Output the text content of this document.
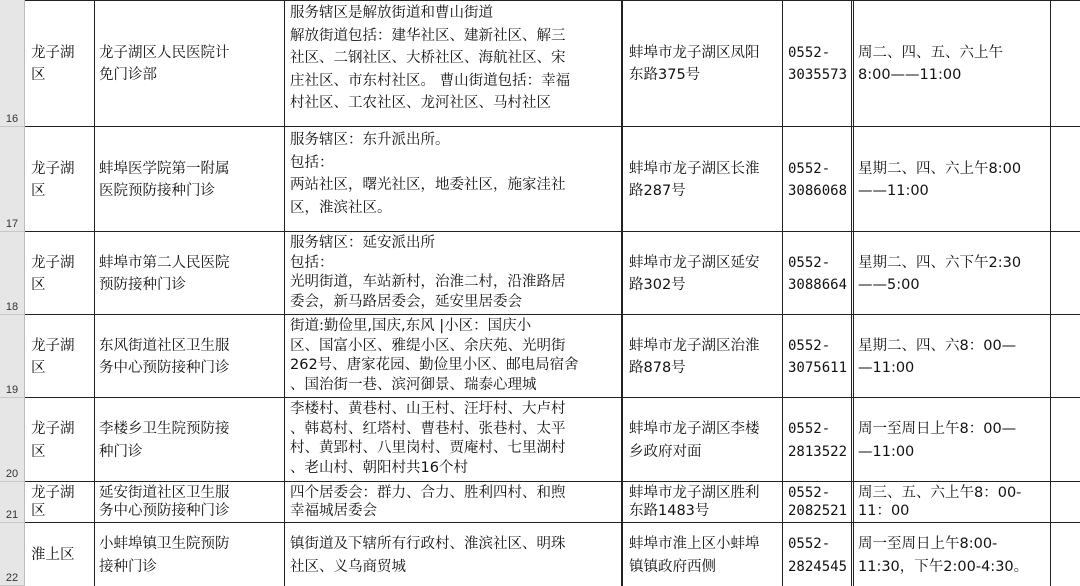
16
龙子湖
区
龙子湖区人民医院计
免门诊部
服务辖区是解放街道和曹山街道
解放街道包括：建华社区、建新社区、解三
社区、二钢社区、大桥社区、海航社区、宋
庄社区、市东村社区。 曹山街道包括：幸福
村社区、工农社区、龙河社区、马村社区
蚌埠市龙子湖区凤阳
东路375号
0552-
3035573
周二、四、五、六上午
8:00——11:00
17
龙子湖
区
蚌埠医学院第一附属
医院预防接种门诊
服务辖区：东升派出所。
包括：
两站社区，曙光社区，地委社区，施家洼社
区，淮滨社区。
蚌埠市龙子湖区长淮
路287号
0552-
3086068
星期二、四、六上午8:00
——11:00
18
龙子湖
区
蚌埠市第二人民医院
预防接种门诊
服务辖区：延安派出所
包括：
光明街道，车站新村，治淮二村，沿淮路居
委会，新马路居委会，延安里居委会
蚌埠市龙子湖区延安
路302号
0552-
3088664
星期二、四、六下午2:30
——5:00
19
龙子湖
区
东风街道社区卫生服
务中心预防接种门诊
街道:勤俭里,国庆,东风 |小区：国庆小
区、国富小区、雅缇小区、余庆苑、光明街
262号、唐家花园、勤俭里小区、邮电局宿舍
、国治街一巷、滨河御景、瑞泰心理城
蚌埠市龙子湖区治淮
路878号
0552-
3075611
星期二、四、六8：00—
—11:00
20
龙子湖
区
李楼乡卫生院预防接
种门诊
李楼村、黄巷村、山王村、汪圩村、大卢村
、韩葛村、红塔村、曹巷村、张巷村、太平
村、黄郢村、八里岗村、贾庵村、七里湖村
、老山村、朝阳村共16个村
蚌埠市龙子湖区李楼
乡政府对面
0552-
2813522
周一至周日上午8：00—
—11:00
21
龙子湖
区
延安街道社区卫生服
务中心预防接种门诊
四个居委会：群力、合力、胜利四村、和煦
幸福城居委会
蚌埠市龙子湖区胜利
东路1483号
0552-
2082521
周三、五、六上午8：00-
11：00
22
淮上区
小蚌埠镇卫生院预防
接种门诊
镇街道及下辖所有行政村、淮滨社区、明珠
社区、义乌商贸城
蚌埠市淮上区小蚌埠
镇镇政府西侧
0552-
2824545
周一至周日上午8:00-
11:30，下午2:00-4:30。
